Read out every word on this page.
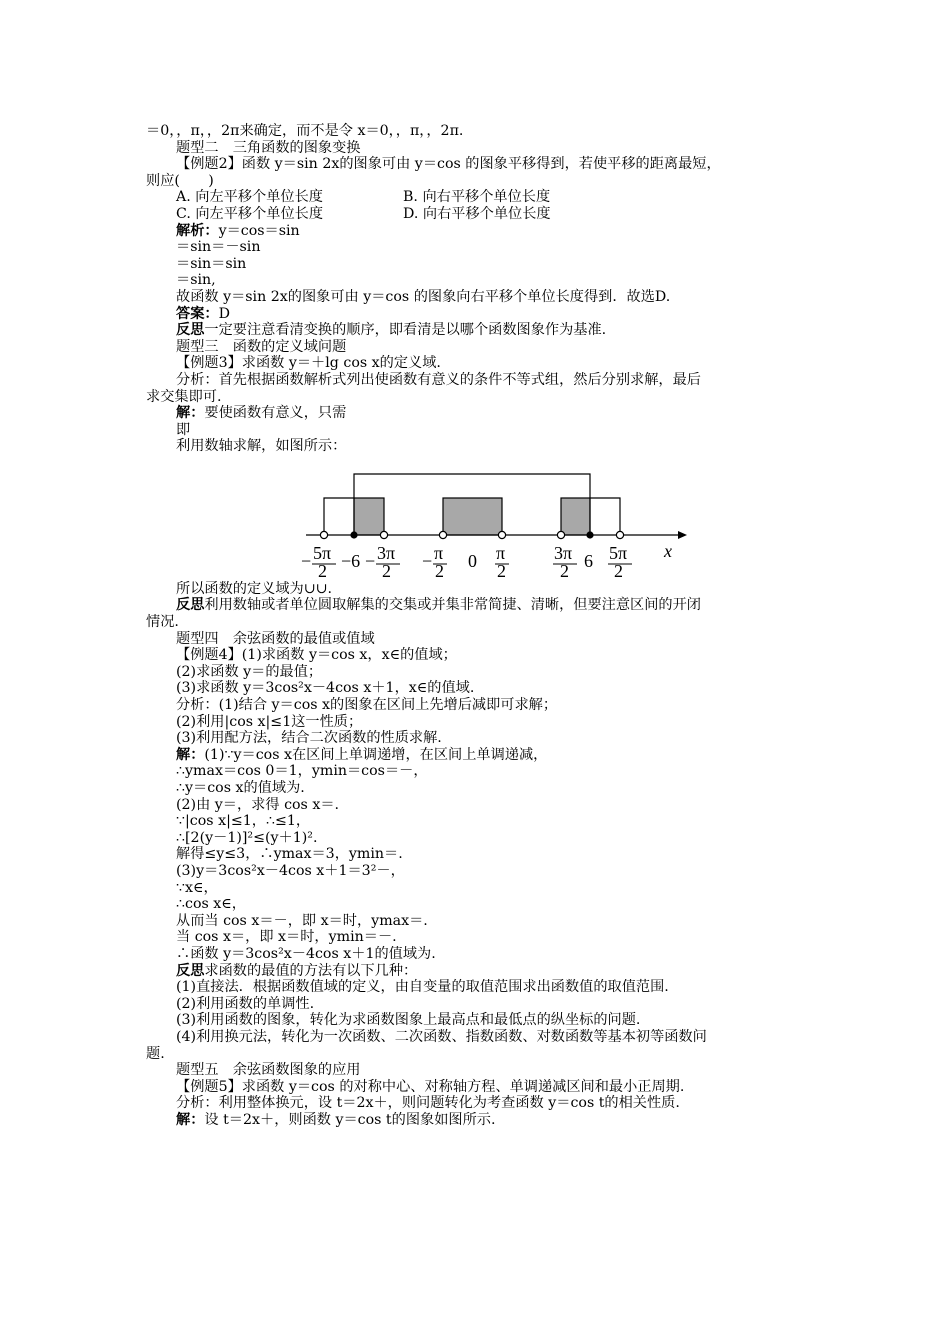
＝0，，π，，2π来确定，而不是令 x＝0，，π，，2π.
题型二　三角函数的图象变换
【例题2】函数 y＝sin 2x的图象可由 y＝cos 的图象平移得到，若使平移的距离最短，
则应(　　)
A. 向左平移个单位长度	B. 向右平移个单位长度
C. 向左平移个单位长度	D. 向右平移个单位长度
解析：y＝cos＝sin
＝sin＝－sin
＝sin＝sin
＝sin,
故函数 y＝sin 2x的图象可由 y＝cos 的图象向右平移个单位长度得到．故选D.
答案：D
反思一定要注意看清变换的顺序，即看清是以哪个函数图象作为基准.
题型三　函数的定义域问题
【例题3】求函数 y＝＋lg cos x的定义域.
分析：首先根据函数解析式列出使函数有意义的条件不等式组，然后分别求解，最后
求交集即可.
解：要使函数有意义，只需
即
利用数轴求解，如图所示：
− 5π
2 −6 − 3π
2 − π
2 0 π
2
3π
2 6 5π
2
x
所以函数的定义域为∪∪.
反思利用数轴或者单位圆取解集的交集或并集非常简捷、清晰，但要注意区间的开闭
情况.
题型四　余弦函数的最值或值域
【例题4】(1)求函数 y＝cos x，x∈的值域；
(2)求函数 y＝的最值；
(3)求函数 y＝3cos²x－4cos x＋1，x∈的值域.
分析：(1)结合 y＝cos x的图象在区间上先增后减即可求解；
(2)利用|cos x|≤1这一性质；
(3)利用配方法，结合二次函数的性质求解.
解：(1)∵y＝cos x在区间上单调递增，在区间上单调递减，
∴ymax＝cos 0＝1，ymin＝cos＝－，
∴y＝cos x的值域为.
(2)由 y＝，求得 cos x＝.
∵|cos x|≤1，∴≤1，
∴[2(y－1)]²≤(y＋1)².
解得≤y≤3，∴ymax＝3，ymin＝.
(3)y＝3cos²x－4cos x＋1＝3²－，
∵x∈，
∴cos x∈，
从而当 cos x＝－，即 x＝时，ymax＝.
当 cos x＝，即 x＝时，ymin＝－.
∴函数 y＝3cos²x－4cos x＋1的值域为.
反思求函数的最值的方法有以下几种：
(1)直接法．根据函数值域的定义，由自变量的取值范围求出函数值的取值范围.
(2)利用函数的单调性.
(3)利用函数的图象，转化为求函数图象上最高点和最低点的纵坐标的问题.
(4)利用换元法，转化为一次函数、二次函数、指数函数、对数函数等基本初等函数问
题.
题型五　余弦函数图象的应用
【例题5】求函数 y＝cos 的对称中心、对称轴方程、单调递减区间和最小正周期.
分析：利用整体换元，设 t＝2x＋，则问题转化为考查函数 y＝cos t的相关性质.
解：设 t＝2x＋，则函数 y＝cos t的图象如图所示.
